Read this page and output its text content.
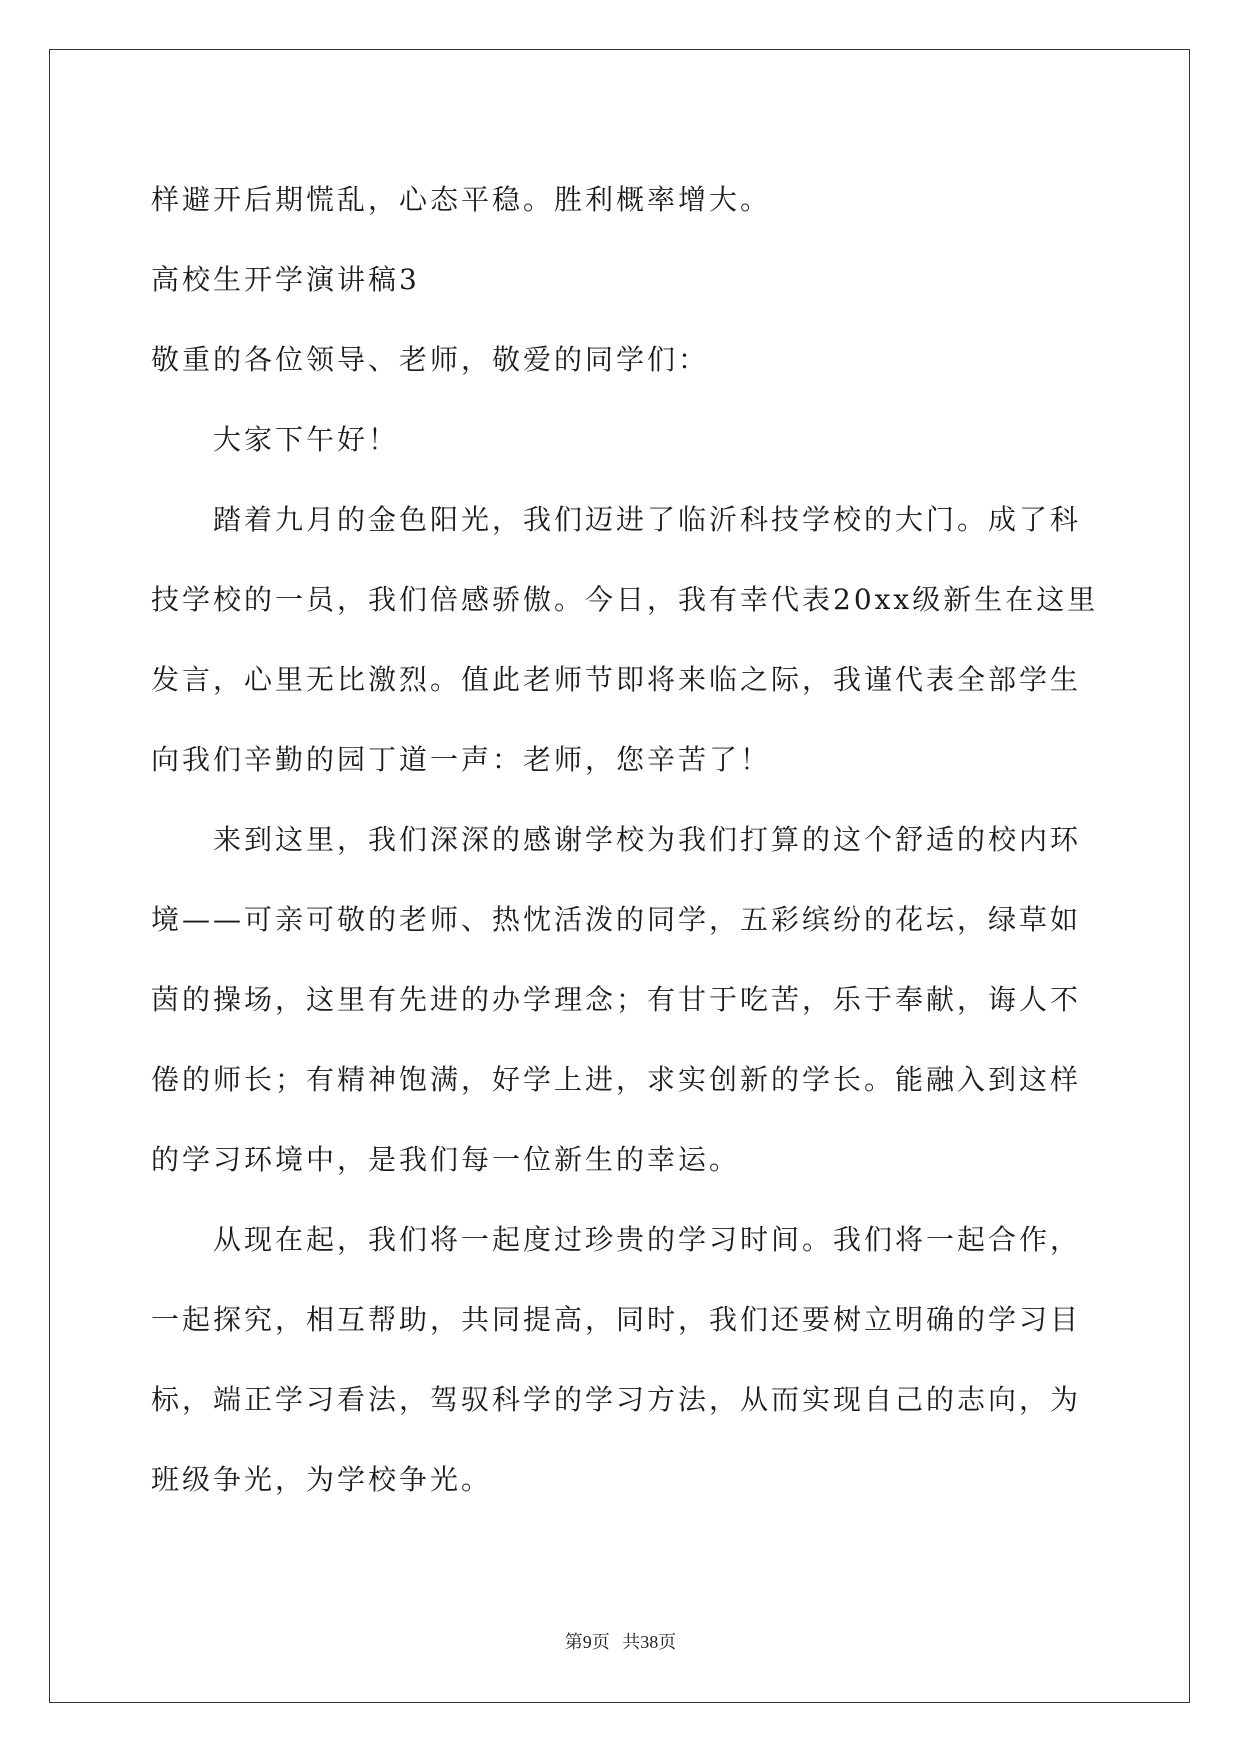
样避开后期慌乱，心态平稳。胜利概率增大。
高校生开学演讲稿3
敬重的各位领导、老师，敬爱的同学们：
大家下午好！
踏着九月的金色阳光，我们迈进了临沂科技学校的大门。成了科
技学校的一员，我们倍感骄傲。今日，我有幸代表20xx级新生在这里
发言，心里无比激烈。值此老师节即将来临之际，我谨代表全部学生
向我们辛勤的园丁道一声：老师，您辛苦了！
来到这里，我们深深的感谢学校为我们打算的这个舒适的校内环
境——可亲可敬的老师、热忱活泼的同学，五彩缤纷的花坛，绿草如
茵的操场，这里有先进的办学理念；有甘于吃苦，乐于奉献，诲人不
倦的师长；有精神饱满，好学上进，求实创新的学长。能融入到这样
的学习环境中，是我们每一位新生的幸运。
从现在起，我们将一起度过珍贵的学习时间。我们将一起合作，
一起探究，相互帮助，共同提高，同时，我们还要树立明确的学习目
标，端正学习看法，驾驭科学的学习方法，从而实现自己的志向，为
班级争光，为学校争光。
第9页 共38页
